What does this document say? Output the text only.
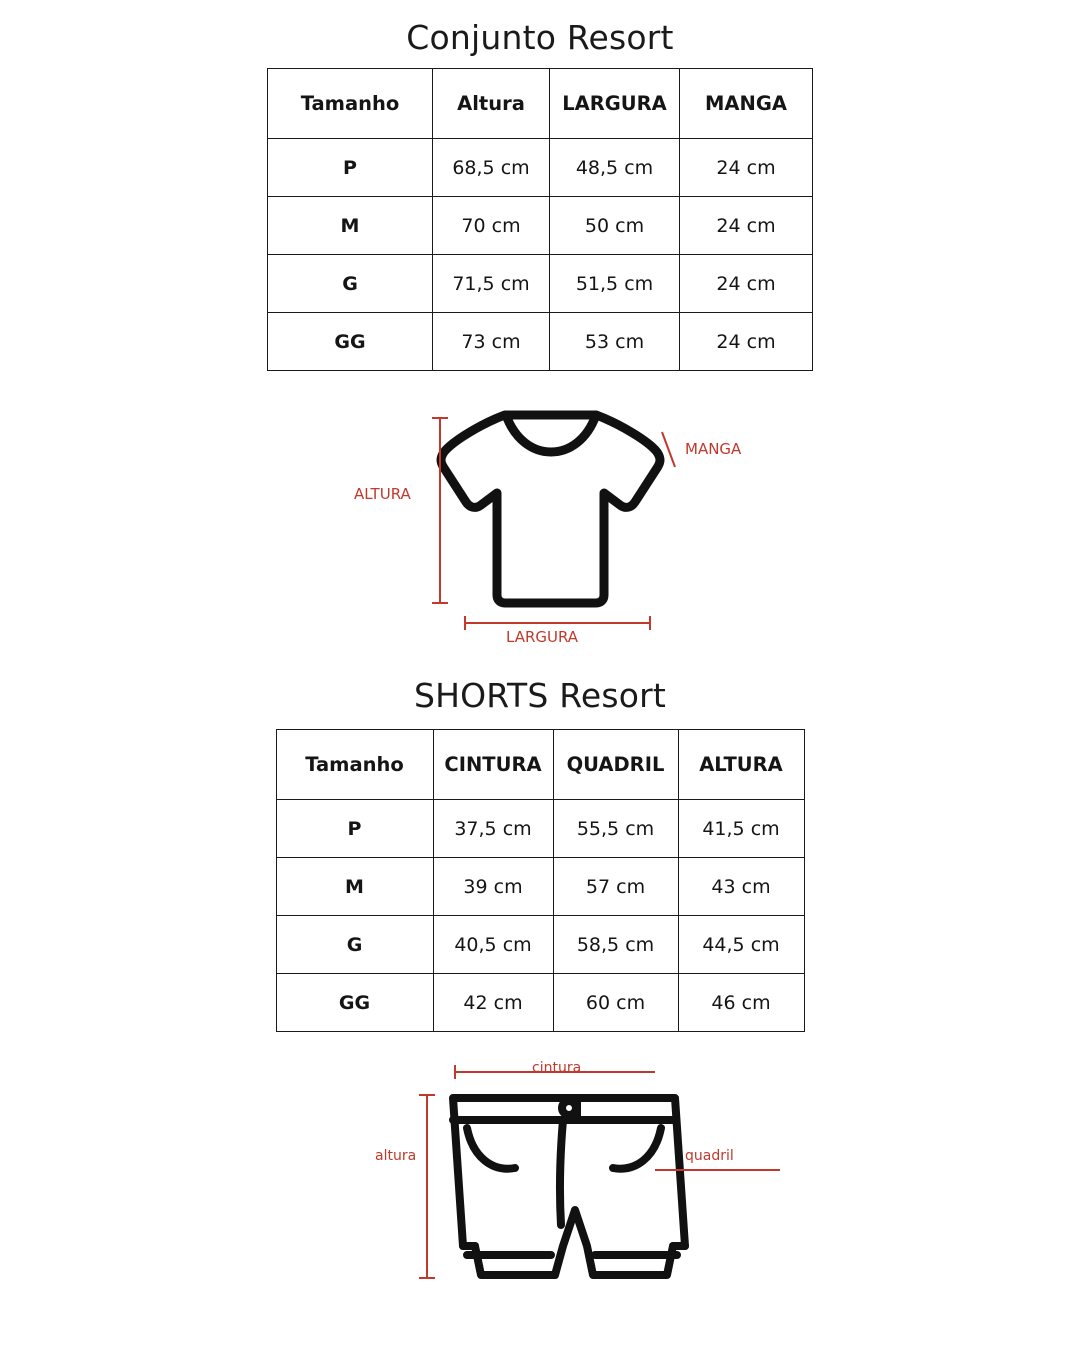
Conjunto Resort
Tamanho	Altura	LARGURA	MANGA
P	68,5 cm	48,5 cm	24 cm
M	70 cm	50 cm	24 cm
G	71,5 cm	51,5 cm	24 cm
GG	73 cm	53 cm	24 cm
ALTURA
LARGURA
MANGA
SHORTS Resort
Tamanho	CINTURA	QUADRIL	ALTURA
P	37,5 cm	55,5 cm	41,5 cm
M	39 cm	57 cm	43 cm
G	40,5 cm	58,5 cm	44,5 cm
GG	42 cm	60 cm	46 cm
cintura
altura	quadril
